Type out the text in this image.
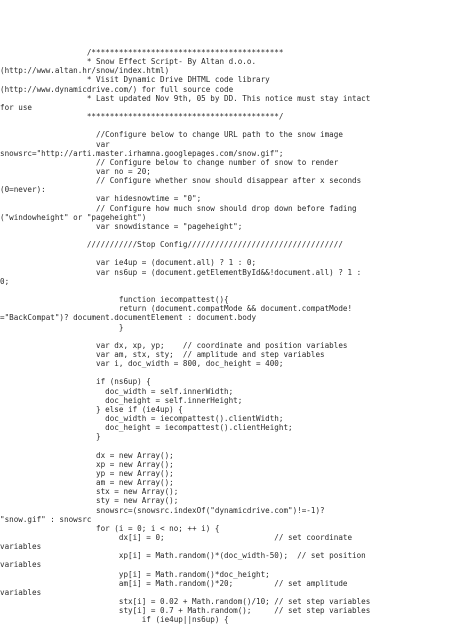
/******************************************
* Snow Effect Script- By Altan d.o.o.
(http://www.altan.hr/snow/index.html)
* Visit Dynamic Drive DHTML code library
(http://www.dynamicdrive.com/) for full source code
* Last updated Nov 9th, 05 by DD. This notice must stay intact
for use
******************************************/
//Configure below to change URL path to the snow image
var
snowsrc="http://arti.master.irhamna.googlepages.com/snow.gif";
// Configure below to change number of snow to render
var no = 20;
// Configure whether snow should disappear after x seconds
(0=never):
var hidesnowtime = "0";
// Configure how much snow should drop down before fading
("windowheight" or "pageheight")
var snowdistance = "pageheight";
///////////Stop Config//////////////////////////////////
var ie4up = (document.all) ? 1 : 0;
var ns6up = (document.getElementById&&!document.all) ? 1 :
0;
function iecompattest(){
return (document.compatMode && document.compatMode!
="BackCompat")? document.documentElement : document.body
}
var dx, xp, yp;    // coordinate and position variables
var am, stx, sty;  // amplitude and step variables
var i, doc_width = 800, doc_height = 400;
if (ns6up) {
doc_width = self.innerWidth;
doc_height = self.innerHeight;
} else if (ie4up) {
doc_width = iecompattest().clientWidth;
doc_height = iecompattest().clientHeight;
}
dx = new Array();
xp = new Array();
yp = new Array();
am = new Array();
stx = new Array();
sty = new Array();
snowsrc=(snowsrc.indexOf("dynamicdrive.com")!=-1)?
"snow.gif" : snowsrc
for (i = 0; i < no; ++ i) {
dx[i] = 0;                        // set coordinate
variables
xp[i] = Math.random()*(doc_width-50);  // set position
variables
yp[i] = Math.random()*doc_height;
am[i] = Math.random()*20;         // set amplitude
variables
stx[i] = 0.02 + Math.random()/10; // set step variables
sty[i] = 0.7 + Math.random();     // set step variables
if (ie4up||ns6up) {
